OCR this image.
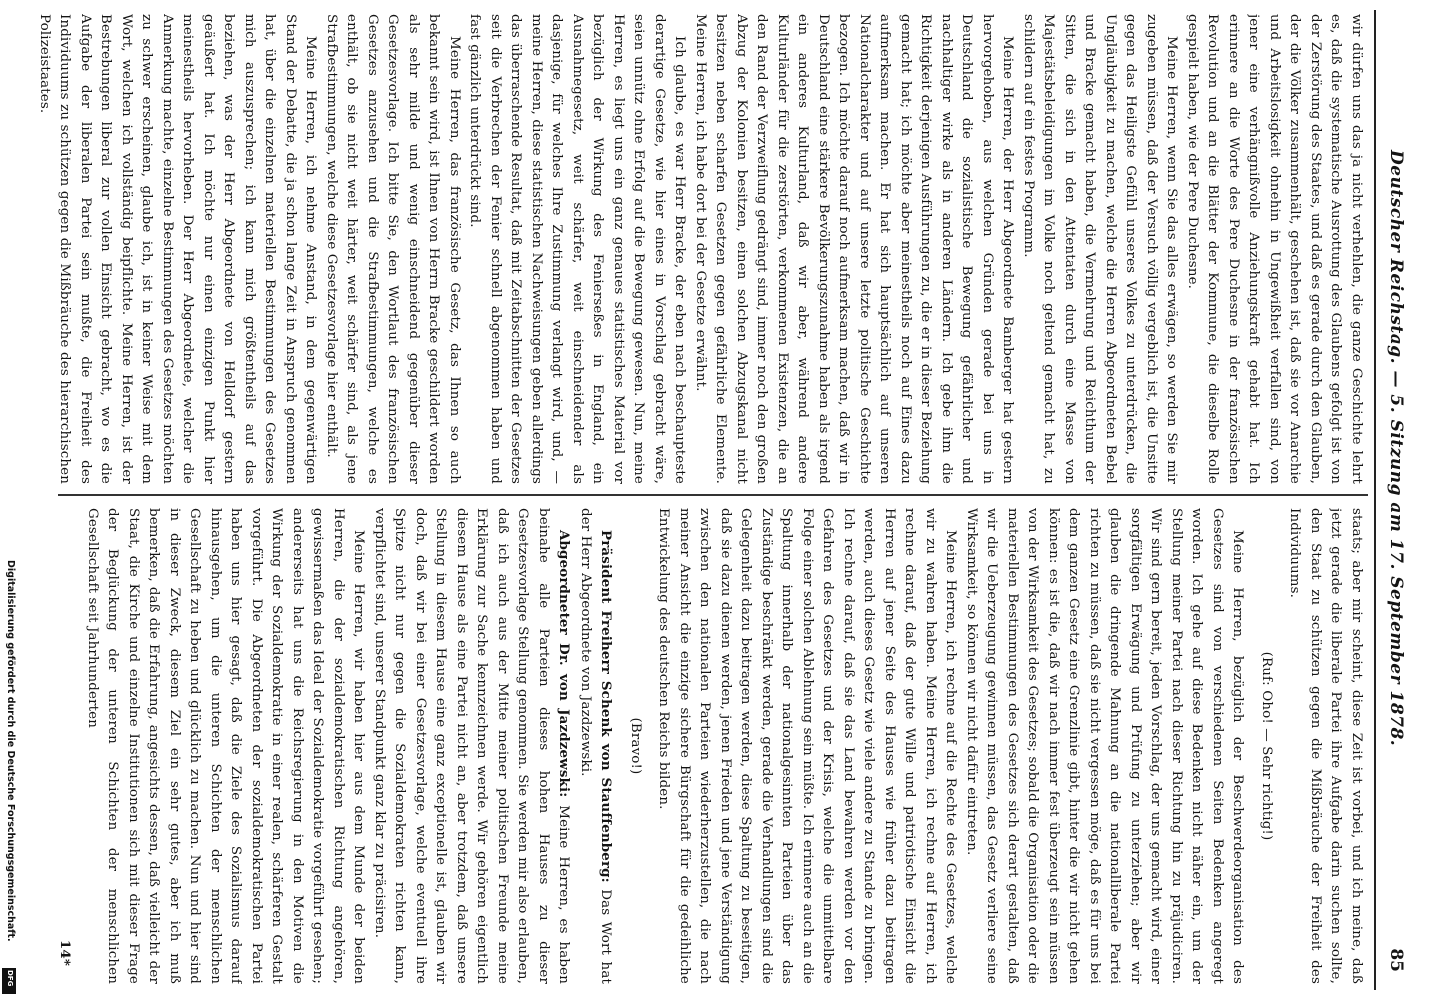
Deutscher Reichstag. — 5. Sitzung am 17. September 1878.
85

wir dürfen uns das ja nicht verhehlen, die ganze Geschichte lehrt es, daß die systematische Ausrottung des Glaubens gefolgt ist von der Zerstörung des Staates, und daß es gerade durch den Glauben, der die Völker zusammenhält, geschehen ist, daß sie vor Anarchie und Arbeitslosigkeit ohnehin in Ungewißheit verfallen sind, von jener eine verhängnißvolle Anziehungskraft gehabt hat. Ich erinnere an die Worte des Pere Duchesne in der französischen Revolution und an die Blätter der Kommune, die dieselbe Rolle gespielt haben, wie der Pere Duchesne.

Meine Herren, wenn Sie das alles erwägen, so werden Sie mir zugeben müssen, daß der Versuch völlig vergeblich ist, die Unsitte gegen das Heiligste Gefühl unseres Volkes zu unterdrücken, die Ungläubigkeit zu machen, welche die Herren Abgeordneten Bebel und Bracke gemacht haben, die Vermehrung und Reichthum der Sitten, die sich in den Attentaten durch eine Masse von Majestätsbeleidigungen im Volke noch geltend gemacht hat, zu schildern auf ein festes Programm.

Meine Herren, der Herr Abgeordnete Bamberger hat gestern hervorgehoben, aus welchen Gründen gerade bei uns in Deutschland die sozialistische Bewegung gefährlicher und nachhaltiger wirke als in anderen Ländern. Ich gebe ihm die Richtigkeit derjenigen Ausführungen zu, die er in dieser Beziehung gemacht hat; ich möchte aber meinestheils noch auf Eines dazu aufmerksam machen. Er hat sich hauptsächlich auf unseren Nationalcharakter und auf unsere letzte politische Geschichte bezogen. Ich möchte darauf noch aufmerksam machen, daß wir in Deutschland eine stärkere Bevölkerungszunahme haben als irgend ein anderes Kulturland, daß wir aber, während andere Kulturländer für die zerstörten, verkommenen Existenzen, die an den Rand der Verzweiflung gedrängt sind, immer noch den großen Abzug der Kolonien besitzen, einen solchen Abzugskanal nicht besitzen neben scharfen Gesetzen gegen gefährliche Elemente. Meine Herren, ich habe dort bei der Gesetze erwähnt.

Ich glaube, es war Herr Bracke, der eben nach beschaupteste derartige Gesetze, wie hier eines in Vorschlag gebracht wäre, seien unnütz ohne Erfolg auf die Bewegung gewesen. Nun, meine Herren, es liegt uns ein ganz genaues statistisches Material vor bezüglich der Wirkung des Fenierseßes in England, ein Ausnahmegesetz, weit schärfer, weit einschneidender als dasjenige, für welches Ihre Zustimmung verlangt wird, und, — meine Herren, diese statistischen Nachweisungen geben allerdings das überraschende Resultat, daß mit Zeitabschnitten der Gesetzes seit die Verbrechen der Fenier schnell abgenommen haben und fast gänzlich unterdrückt sind.

Meine Herren, das französische Gesetz, das Ihnen so auch bekannt sein wird, ist Ihnen von Herrn Bracke geschildert worden als sehr milde und wenig einschneidend gegenüber dieser Gesetzesvorlage. Ich bitte Sie, den Wortlaut des französischen Gesetzes anzusehen und die Strafbestimmungen, welche es enthält, ob sie nicht weit härter, weit schärfer sind, als jene Strafbestimmungen, welche diese Gesetzesvorlage hier enthält.

Meine Herren, ich nehme Anstand, in dem gegenwärtigen Stand der Debatte, die ja schon lange Zeit in Anspruch genommen hat, über die einzelnen materiellen Bestimmungen des Gesetzes mich auszusprechen; ich kann mich größtentheils auf das beziehen, was der Herr Abgeordnete von Helldorf gestern geäußert hat. Ich möchte nur einen einzigen Punkt hier meinestheils hervorheben. Der Herr Abgeordnete, welcher die Anmerkung machte, einzelne Bestimmungen des Gesetzes möchten zu schwer erscheinen, glaube ich, ist in keiner Weise mit dem Wort, welchen ich vollständig beipflichte. Meine Herren, ist der Bestrebungen liberal zur vollen Einsicht gebracht, wo es die Aufgabe der liberalen Partei sein mußte, die Freiheit des Individuums zu schützen gegen die Mißbräuche des hierarchischen Polizeistaates.

staats; aber mir scheint, diese Zeit ist vorbei, und ich meine, daß jetzt gerade die liberale Partei ihre Aufgabe darin suchen sollte, den Staat zu schützen gegen die Mißbräuche der Freiheit des Individuums.

(Ruf: Oho! — Sehr richtig!)

Meine Herren, bezüglich der Beschwerdeorganisation des Gesetzes sind von verschiedenen Seiten Bedenken angeregt worden. Ich gehe auf diese Bedenken nicht näher ein, um der Stellung meiner Partei nach dieser Richtung hin zu präjudiciren. Wir sind gern bereit, jeden Vorschlag, der uns gemacht wird, einer sorgfältigen Erwägung und Prüfung zu unterziehen; aber wir glauben die dringende Mahnung an die nationalliberale Partei richten zu müssen, daß sie nicht vergessen möge, daß es für uns bei dem ganzen Gesetz eine Grenzlinie gibt, hinter die wir nicht gehen können: es ist die, daß wir nach immer fest überzeugt sein müssen von der Wirksamkeit des Gesetzes; sobald die Organisation oder die materiellen Bestimmungen des Gesetzes sich derart gestalten, daß wir die Ueberzeugung gewinnen müssen, das Gesetz verliere seine Wirksamkeit, so können wir nicht dafür eintreten.

Meine Herren, ich rechne auf die Rechte des Gesetzes, welche wir zu wahren haben. Meine Herren, ich rechne auf Herren, ich rechne darauf, daß der gute Wille und patriotische Einsicht die Herren auf jener Seite des Hauses wie früher dazu beitragen werden, auch dieses Gesetz wie viele andere zu Stande zu bringen. Ich rechne darauf, daß sie das Land bewahren werden vor den Gefahren des Gesetzes und der Krisis, welche die unmittelbare Folge einer solchen Ablehnung sein müßte. Ich erinnere auch an die Spaltung innerhalb der nationalgesinnten Parteien über das Zuständige beschränkt werden, gerade die Verhandlungen sind die Gelegenheit dazu beitragen werden, diese Spaltung zu beseitigen, daß sie dazu dienen werden, jenen Frieden und jene Verständigung zwischen den nationalen Parteien wiederherzustellen, die nach meiner Ansicht die einzige sichere Bürgschaft für die gedeihliche Entwickelung des deutschen Reichs bilden.

(Bravo!)

Präsident Freiherr Schenk von Stauffenberg: Das Wort hat der Herr Abgeordnete von Jazdzewski.

Abgeordneter Dr. von Jazdzewski: Meine Herren, es haben beinahe alle Parteien dieses hohen Hauses zu dieser Gesetzesvorlage Stellung genommen. Sie werden mir also erlauben, daß ich auch aus der Mitte meiner politischen Freunde meine Erklärung zur Sache kennzeichnen werde. Wir gehören eigentlich diesem Hause als eine Partei nicht an, aber trotzdem, daß unsere Stellung in diesem Hause eine ganz exceptionelle ist, glauben wir doch, daß wir bei einer Gesetzesvorlage, welche eventuell ihre Spitze nicht nur gegen die Sozialdemokraten richten kann, verpflichtet sind, unserer Standpunkt ganz klar zu präcisiren.

Meine Herren, wir haben hier aus dem Munde der beiden Herren, die der sozialdemokratischen Richtung angehören, gewissermaßen das Ideal der Sozialdemokratie vorgeführt gesehen; andererseits hat uns die Reichsregierung in den Motiven die Wirkung der Sozialdemokratie in einer realen, schärferen Gestalt vorgeführt. Die Abgeordneten der sozialdemokratischen Partei haben uns hier gesagt, daß die Ziele des Sozialismus darauf hinausgehen, um die unteren Schichten der menschlichen Gesellschaft zu heben und glücklich zu machen. Nun und hier sind in dieser Zweck, diesem Ziel ein sehr gutes, aber ich muß bemerken, daß die Erfahrung, angesichts dessen, daß vielleicht der Staat, die Kirche und einzelne Institutionen sich mit dieser Frage der Beglückung der unteren Schichten der menschlichen Gesellschaft seit Jahrhunderten

14*

Digitalisierung gefördert durch die Deutsche Forschungsgemeinschaft.
DFG
